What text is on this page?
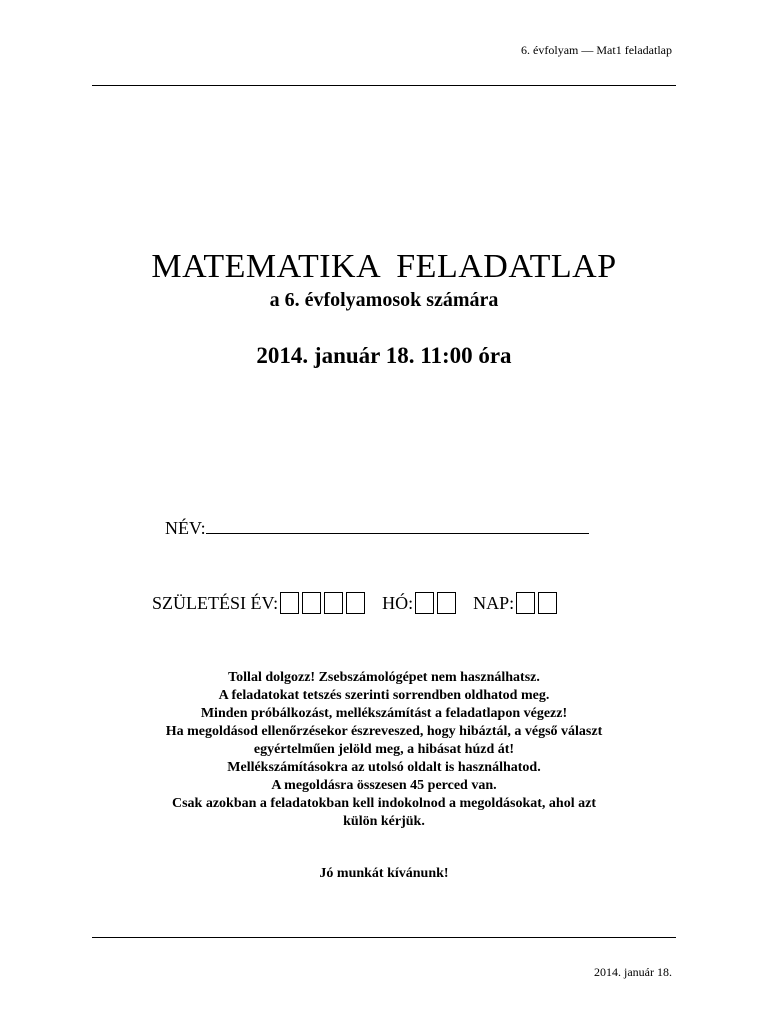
6. évfolyam — Mat1 feladatlap
MATEMATIKA FELADATLAP
a 6. évfolyamosok számára
2014. január 18. 11:00 óra
NÉV:
SZÜLETÉSI ÉV:	HÓ:	NAP:
Tollal dolgozz! Zsebszámológépet nem használhatsz.
A feladatokat tetszés szerinti sorrendben oldhatod meg.
Minden próbálkozást, mellékszámítást a feladatlapon végezz!
Ha megoldásod ellenőrzésekor észreveszed, hogy hibáztál, a végső választ
egyértelműen jelöld meg, a hibásat húzd át!
Mellékszámításokra az utolsó oldalt is használhatod.
A megoldásra összesen 45 perced van.
Csak azokban a feladatokban kell indokolnod a megoldásokat, ahol azt
külön kérjük.
Jó munkát kívánunk!
2014. január 18.
